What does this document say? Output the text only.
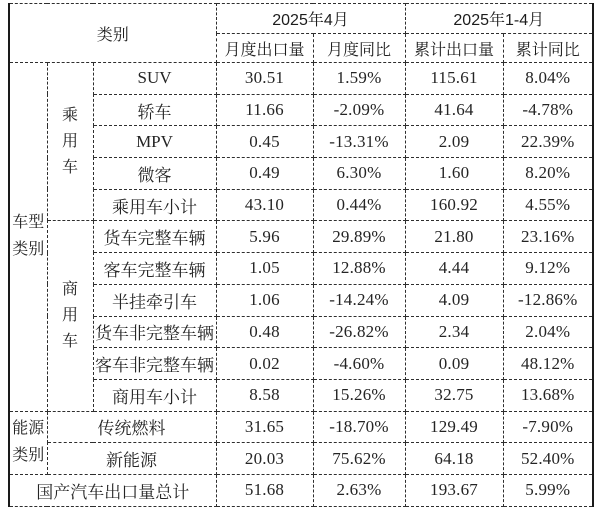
类别			2025年4月		2025年1-4月	
			月度出口量	月度同比	累计出口量	累计同比
车型类别	乘用车	SUV	30.51	1.59%	115.61	8.04%
		轿车	11.66	-2.09%	41.64	-4.78%
		MPV	0.45	-13.31%	2.09	22.39%
		微客	0.49	6.30%	1.60	8.20%
		乘用车小计	43.10	0.44%	160.92	4.55%
	商用车	货车完整车辆	5.96	29.89%	21.80	23.16%
		客车完整车辆	1.05	12.88%	4.44	9.12%
		半挂牵引车	1.06	-14.24%	4.09	-12.86%
		货车非完整车辆	0.48	-26.82%	2.34	2.04%
		客车非完整车辆	0.02	-4.60%	0.09	48.12%
		商用车小计	8.58	15.26%	32.75	13.68%
能源类别	传统燃料		31.65	-18.70%	129.49	-7.90%
	新能源		20.03	75.62%	64.18	52.40%
国产汽车出口量总计			51.68	2.63%	193.67	5.99%
